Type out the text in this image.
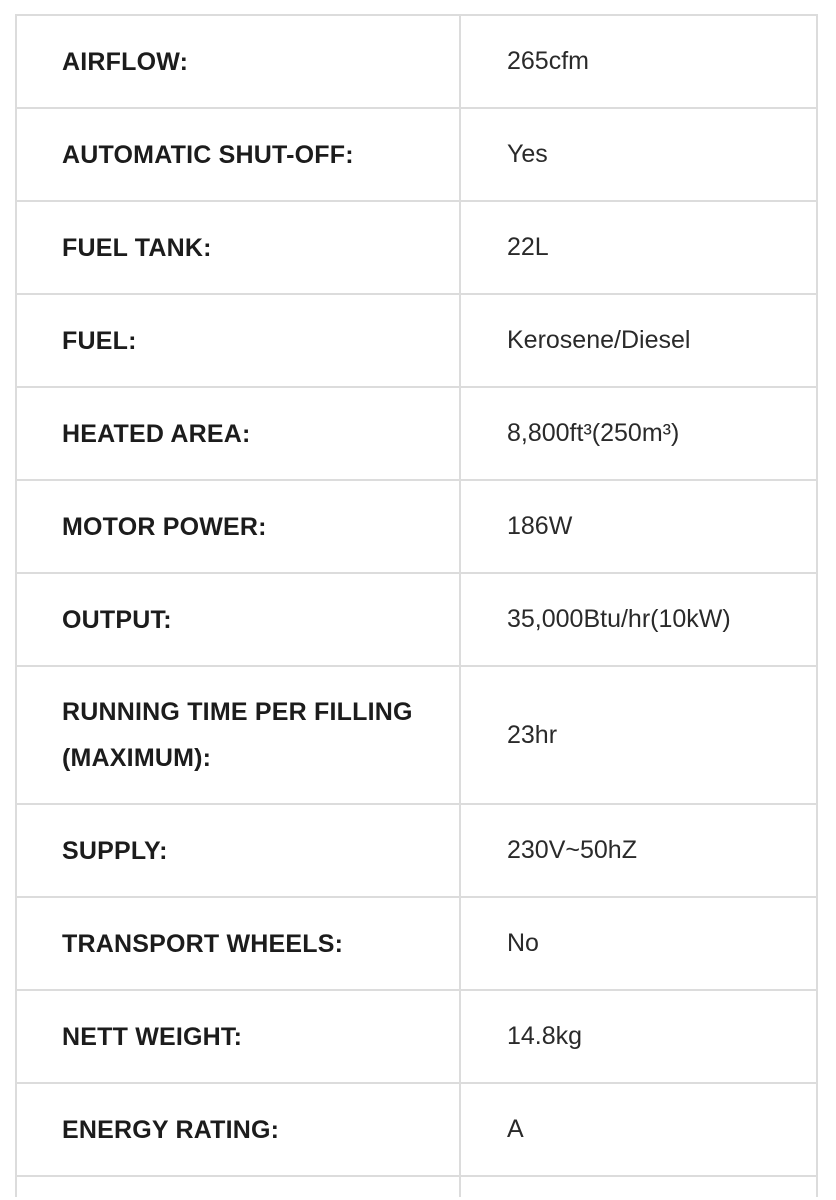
AIRFLOW:	265cfm
AUTOMATIC SHUT-OFF:	Yes
FUEL TANK:	22L
FUEL:	Kerosene/Diesel
HEATED AREA:	8,800ft³(250m³)
MOTOR POWER:	186W
OUTPUT:	35,000Btu/hr(10kW)
RUNNING TIME PER FILLING (MAXIMUM):	23hr
SUPPLY:	230V~50hZ
TRANSPORT WHEELS:	No
NETT WEIGHT:	14.8kg
ENERGY RATING:	A
